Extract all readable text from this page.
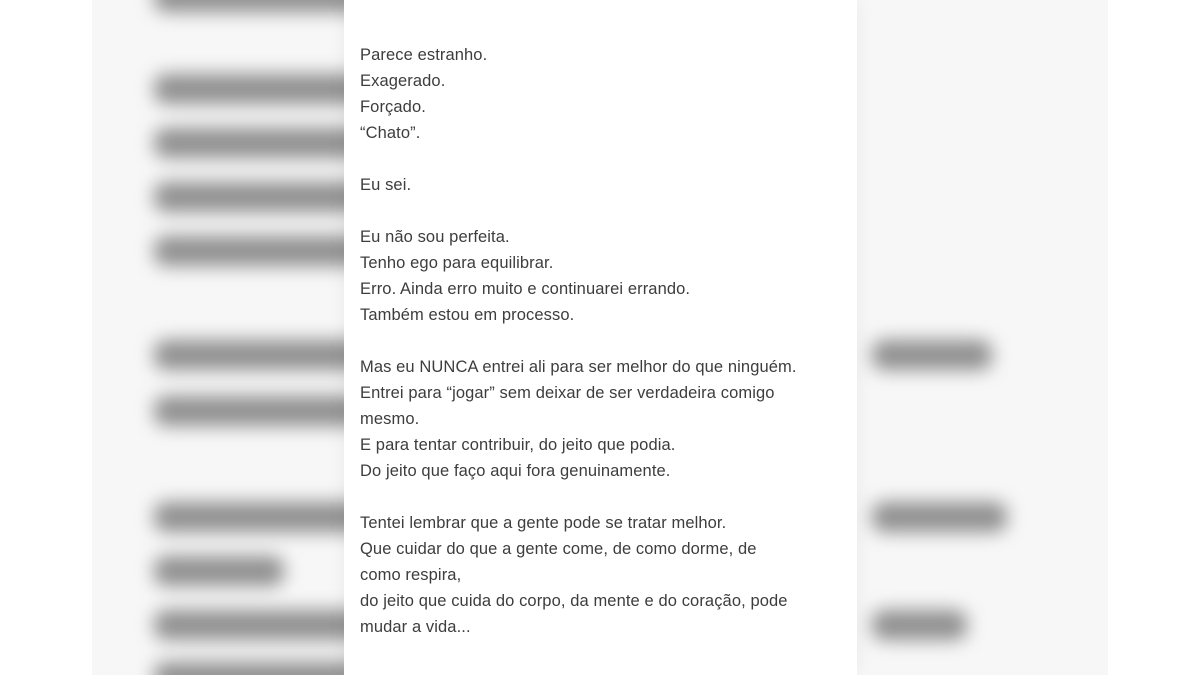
Parece estranho.
Exagerado.
Forçado.
“Chato”.

Eu sei.

Eu não sou perfeita.
Tenho ego para equilibrar.
Erro. Ainda erro muito e continuarei errando.
Também estou em processo.

Mas eu NUNCA entrei ali para ser melhor do que ninguém.
Entrei para “jogar” sem deixar de ser verdadeira comigo
mesmo.
E para tentar contribuir, do jeito que podia.
Do jeito que faço aqui fora genuinamente.

Tentei lembrar que a gente pode se tratar melhor.
Que cuidar do que a gente come, de como dorme, de
como respira,
do jeito que cuida do corpo, da mente e do coração, pode
mudar a vida...
